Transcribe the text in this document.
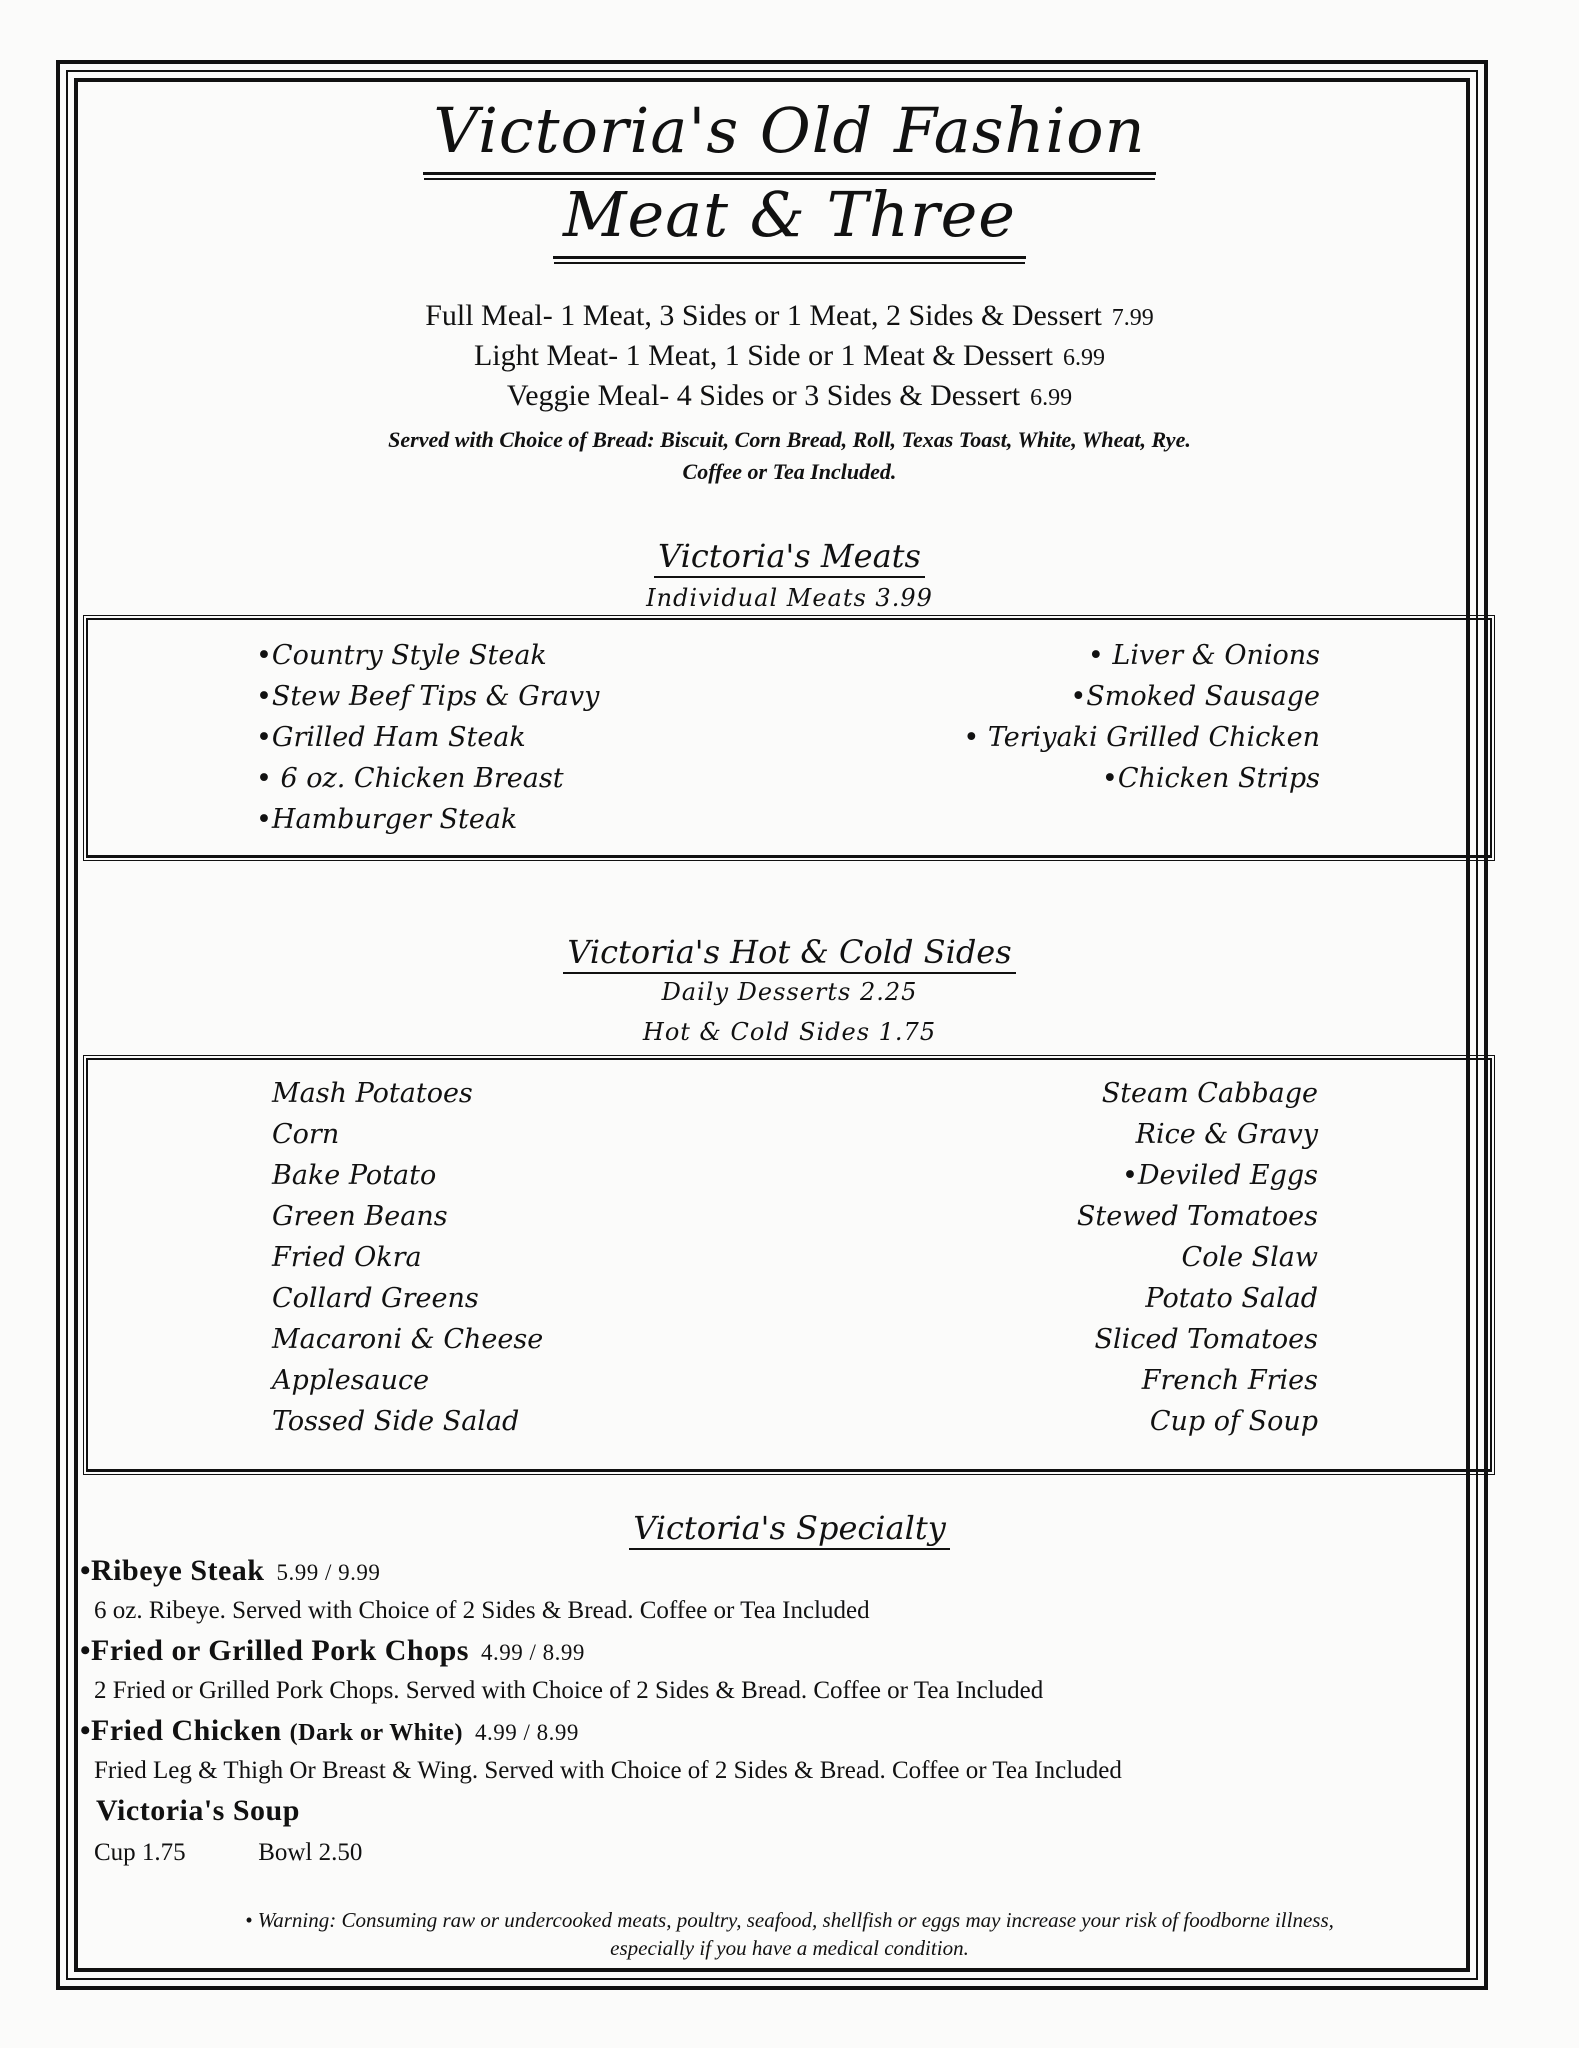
Victoria's Old Fashion
Meat & Three
Full Meal- 1 Meat, 3 Sides or 1 Meat, 2 Sides & Dessert 7.99
Light Meat- 1 Meat, 1 Side or 1 Meat & Dessert 6.99
Veggie Meal- 4 Sides or 3 Sides & Dessert 6.99
Served with Choice of Bread: Biscuit, Corn Bread, Roll, Texas Toast, White, Wheat, Rye.
Coffee or Tea Included.
Victoria's Meats
Individual Meats 3.99
•Country Style Steak
•Stew Beef Tips & Gravy
•Grilled Ham Steak
• 6 oz. Chicken Breast
•Hamburger Steak
• Liver & Onions
•Smoked Sausage
• Teriyaki Grilled Chicken
•Chicken Strips
Victoria's Hot & Cold Sides
Daily Desserts 2.25
Hot & Cold Sides 1.75
Mash Potatoes
Corn
Bake Potato
Green Beans
Fried Okra
Collard Greens
Macaroni & Cheese
Applesauce
Tossed Side Salad
Steam Cabbage
Rice & Gravy
•Deviled Eggs
Stewed Tomatoes
Cole Slaw
Potato Salad
Sliced Tomatoes
French Fries
Cup of Soup
Victoria's Specialty
•Ribeye Steak 5.99 / 9.99
6 oz. Ribeye. Served with Choice of 2 Sides & Bread. Coffee or Tea Included
•Fried or Grilled Pork Chops 4.99 / 8.99
2 Fried or Grilled Pork Chops. Served with Choice of 2 Sides & Bread. Coffee or Tea Included
•Fried Chicken (Dark or White) 4.99 / 8.99
Fried Leg & Thigh Or Breast & Wing. Served with Choice of 2 Sides & Bread. Coffee or Tea Included
Victoria's Soup
Cup 1.75	Bowl 2.50
• Warning: Consuming raw or undercooked meats, poultry, seafood, shellfish or eggs may increase your risk of foodborne illness,
especially if you have a medical condition.
